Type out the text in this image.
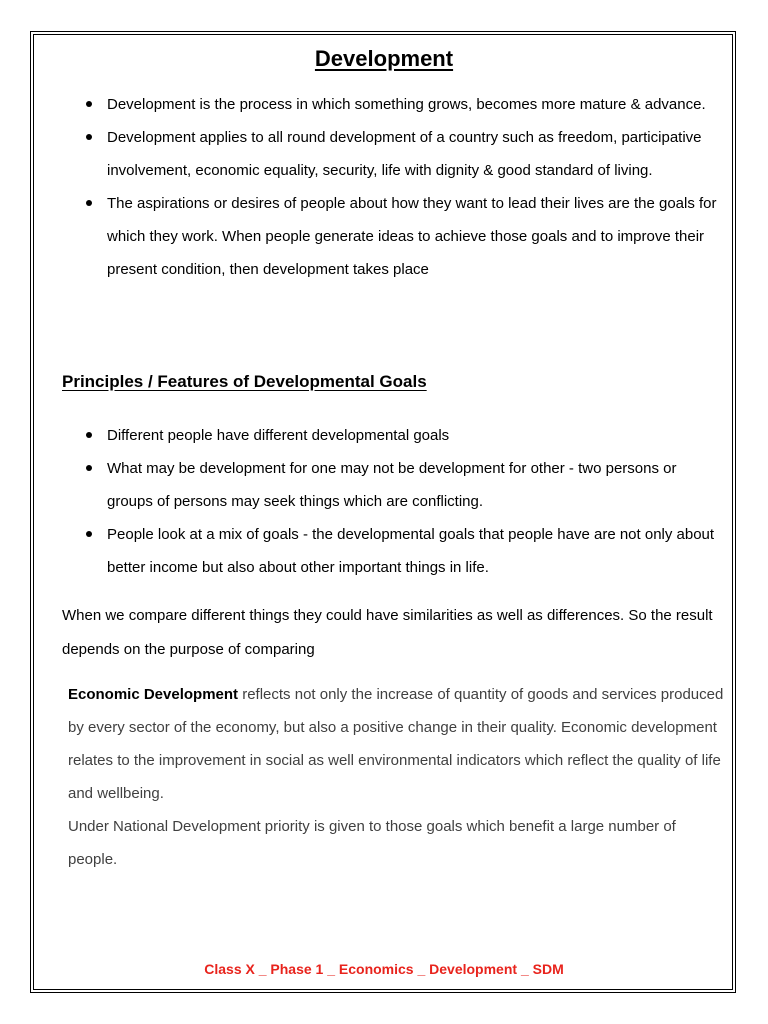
Development
Development is the process in which something grows, becomes more mature & advance.
Development applies to all round development of a country such as freedom, participative involvement, economic equality, security, life with dignity & good standard of living.
The aspirations or desires of people about how they want to lead their lives are the goals for which they work. When people generate ideas to achieve those goals and to improve their present condition, then development takes place
Principles / Features of Developmental Goals
Different people have different developmental goals
What may be development for one may not be development for other - two persons or groups of persons may seek things which are conflicting.
People look at a mix of goals - the developmental goals that people have are not only about better income but also about other important things in life.

When we compare different things they could have similarities as well as differences. So the result depends on the purpose of comparing

Economic Development reflects not only the increase of quantity of goods and services produced by every sector of the economy, but also a positive change in their quality. Economic development relates to the improvement in social as well environmental indicators which reflect the quality of life and wellbeing.

Under National Development priority is given to those goals which benefit a large number of people.

Class X _ Phase 1 _ Economics _ Development _ SDM
